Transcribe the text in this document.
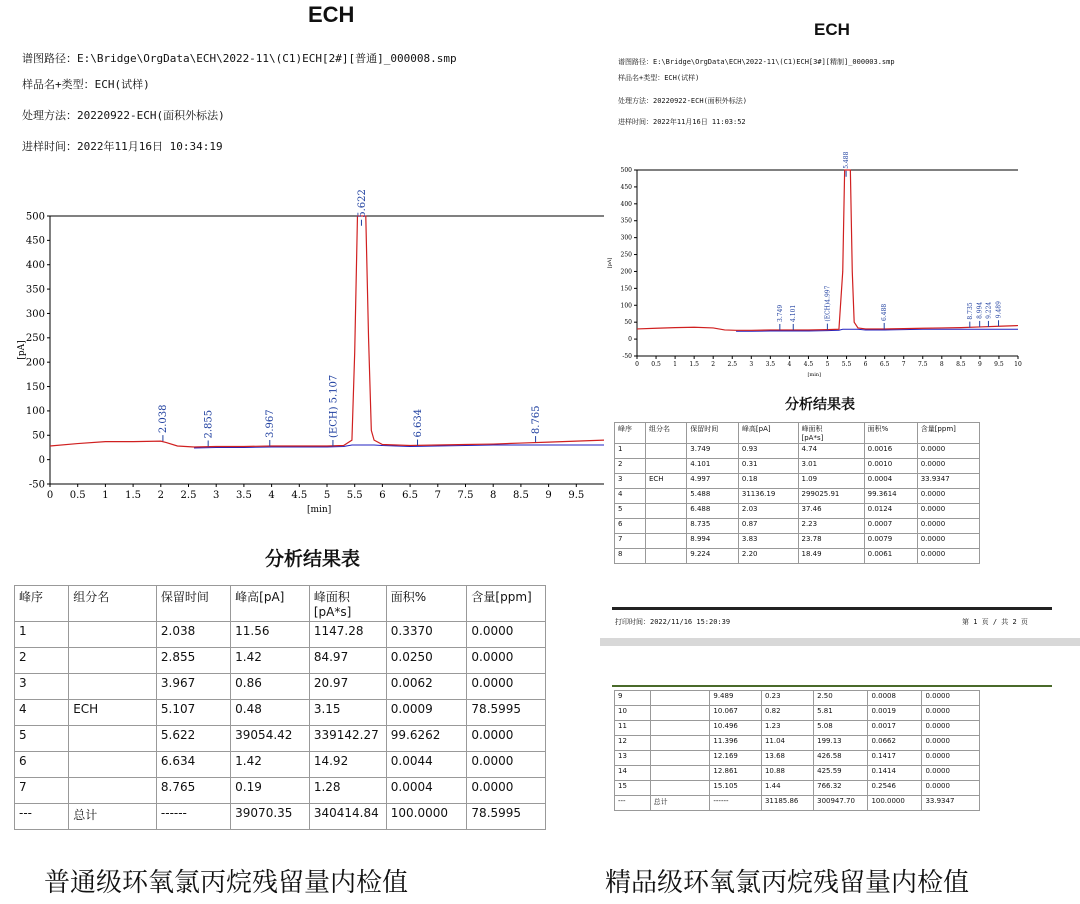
ECH
谱图路径：E:\Bridge\OrgData\ECH\2022-11\(C1)ECH[2#][普通]_000008.smp
样品名+类型：ECH(试样)
处理方法：20220922-ECH(面积外标法)
进样时间：2022年11月16日 10:34:19
-50
0
50
100
150
200
250
300
350
400
450
500
0 0.5 1 1.5 2 2.5 3 3.5 4 4.5 5 5.5 6 6.5 7 7.5 8 8.5 9 9.5
[min]
[pA]
2.038	2.855	3.967	(ECH) 5.107
5.622
6.634	8.765
分析结果表
峰序	组分名	保留时间	峰高[pA]	峰面积
[pA*s]	面积%	含量[ppm]
1		2.038	11.56	1147.28	0.3370	0.0000
2		2.855	1.42	84.97	0.0250	0.0000
3		3.967	0.86	20.97	0.0062	0.0000
4	ECH	5.107	0.48	3.15	0.0009	78.5995
5		5.622	39054.42	339142.27	99.6262	0.0000
6		6.634	1.42	14.92	0.0044	0.0000
7		8.765	0.19	1.28	0.0004	0.0000
---	总计	------	39070.35	340414.84	100.0000	78.5995
普通级环氧氯丙烷残留量内检值
ECH
谱图路径：E:\Bridge\OrgData\ECH\2022-11\(C1)ECH[3#][精制]_000003.smp
样品名+类型：ECH(试样)
处理方法：20220922-ECH(面积外标法)
进样时间：2022年11月16日 11:03:52
-50
0
50
100
150
200
250
300
350
400
450
500
0 0.5 1 1.5 2 2.5 3 3.5 4 4.5 5 5.5 6 6.5 7 7.5 8 8.5 9 9.5 10
[min]
[pA]
3.749 4.101	(ECH)4.997
5.488
6.488	8.735 8.994 9.224 9.489
分析结果表
峰序	组分名	保留时间	峰高[pA]	峰面积
[pA*s]	面积%	含量[ppm]
1		3.749	0.93	4.74	0.0016	0.0000
2		4.101	0.31	3.01	0.0010	0.0000
3	ECH	4.997	0.18	1.09	0.0004	33.9347
4		5.488	31136.19	299025.91	99.3614	0.0000
5		6.488	2.03	37.46	0.0124	0.0000
6		8.735	0.87	2.23	0.0007	0.0000
7		8.994	3.83	23.78	0.0079	0.0000
8		9.224	2.20	18.49	0.0061	0.0000
打印时间：2022/11/16 15:20:39	第 1 页 / 共 2 页
9		9.489	0.23	2.50	0.0008	0.0000
10		10.067	0.82	5.81	0.0019	0.0000
11		10.496	1.23	5.08	0.0017	0.0000
12		11.396	11.04	199.13	0.0662	0.0000
13		12.169	13.68	426.58	0.1417	0.0000
14		12.861	10.88	425.59	0.1414	0.0000
15		15.105	1.44	766.32	0.2546	0.0000
---	总计	------	31185.86	300947.70	100.0000	33.9347
精品级环氧氯丙烷残留量内检值
